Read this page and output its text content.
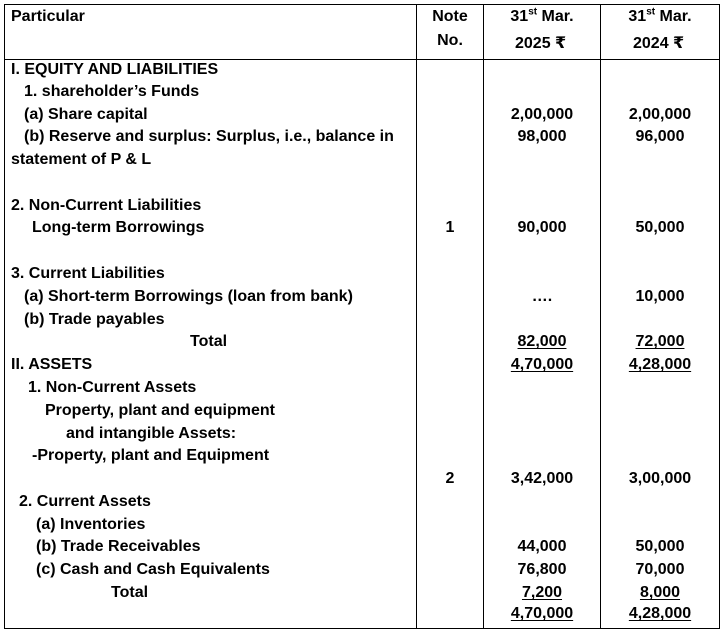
Particular	Note
No.
31st Mar.
2025 ₹
31st Mar.
2024 ₹
I. EQUITY AND LIABILITIES
1. shareholder’s Funds
(a) Share capital
(b) Reserve and surplus: Surplus, i.e., balance in
statement of P & L
2. Non-Current Liabilities
Long-term Borrowings
3. Current Liabilities
(a) Short-term Borrowings (loan from bank)
(b) Trade payables
Total
II. ASSETS
1. Non-Current Assets
Property, plant and equipment
and intangible Assets:
-Property, plant and Equipment
2. Current Assets
(a) Inventories
(b) Trade Receivables
(c) Cash and Cash Equivalents
Total
1
2
2,00,000
98,000
90,000
….
82,000
4,70,000
3,42,000
44,000
76,800
7,200
4,70,000
2,00,000
96,000
50,000
10,000
72,000
4,28,000
3,00,000
50,000
70,000
8,000
4,28,000
